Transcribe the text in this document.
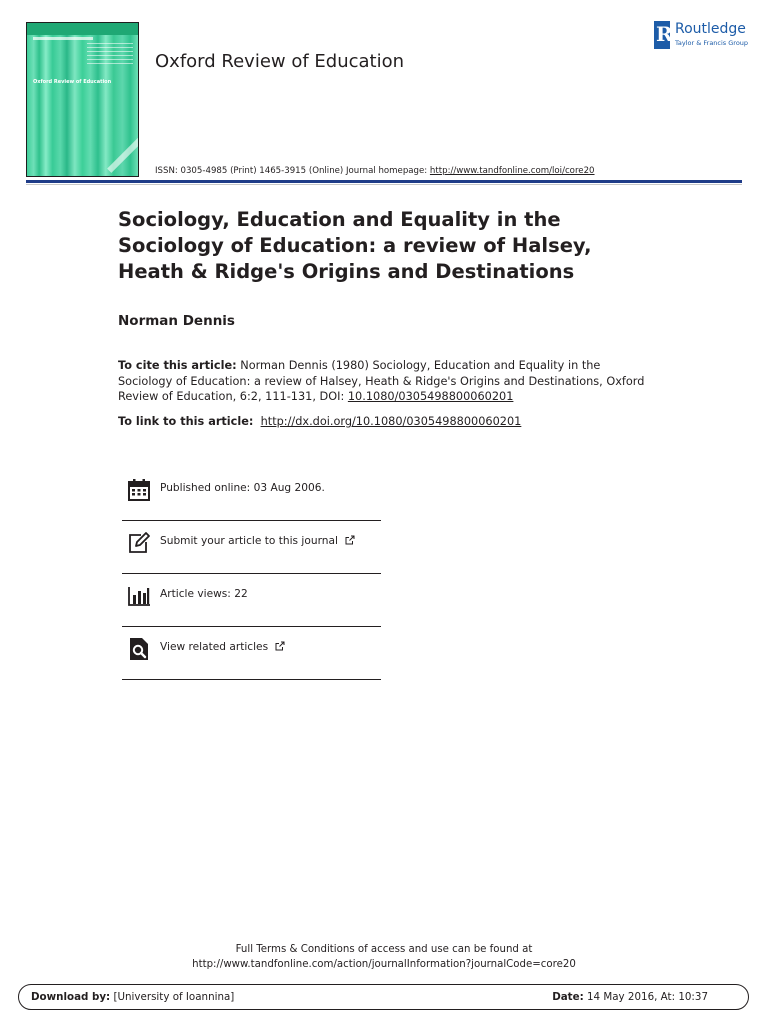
Oxford Review of Education
Oxford Review of Education
R Routledge
Taylor & Francis Group
ISSN: 0305-4985 (Print) 1465-3915 (Online) Journal homepage: http://www.tandfonline.com/loi/core20
Sociology, Education and Equality in the Sociology of Education: a review of Halsey, Heath & Ridge's Origins and Destinations
Norman Dennis
To cite this article: Norman Dennis (1980) Sociology, Education and Equality in the Sociology of Education: a review of Halsey, Heath & Ridge's Origins and Destinations, Oxford Review of Education, 6:2, 111-131, DOI: 10.1080/0305498800060201
To link to this article: http://dx.doi.org/10.1080/0305498800060201
Published online: 03 Aug 2006.
Submit your article to this journal
Article views: 22
View related articles
Full Terms & Conditions of access and use can be found at
http://www.tandfonline.com/action/journalInformation?journalCode=core20
Download by: [University of Ioannina]	Date: 14 May 2016, At: 10:37
